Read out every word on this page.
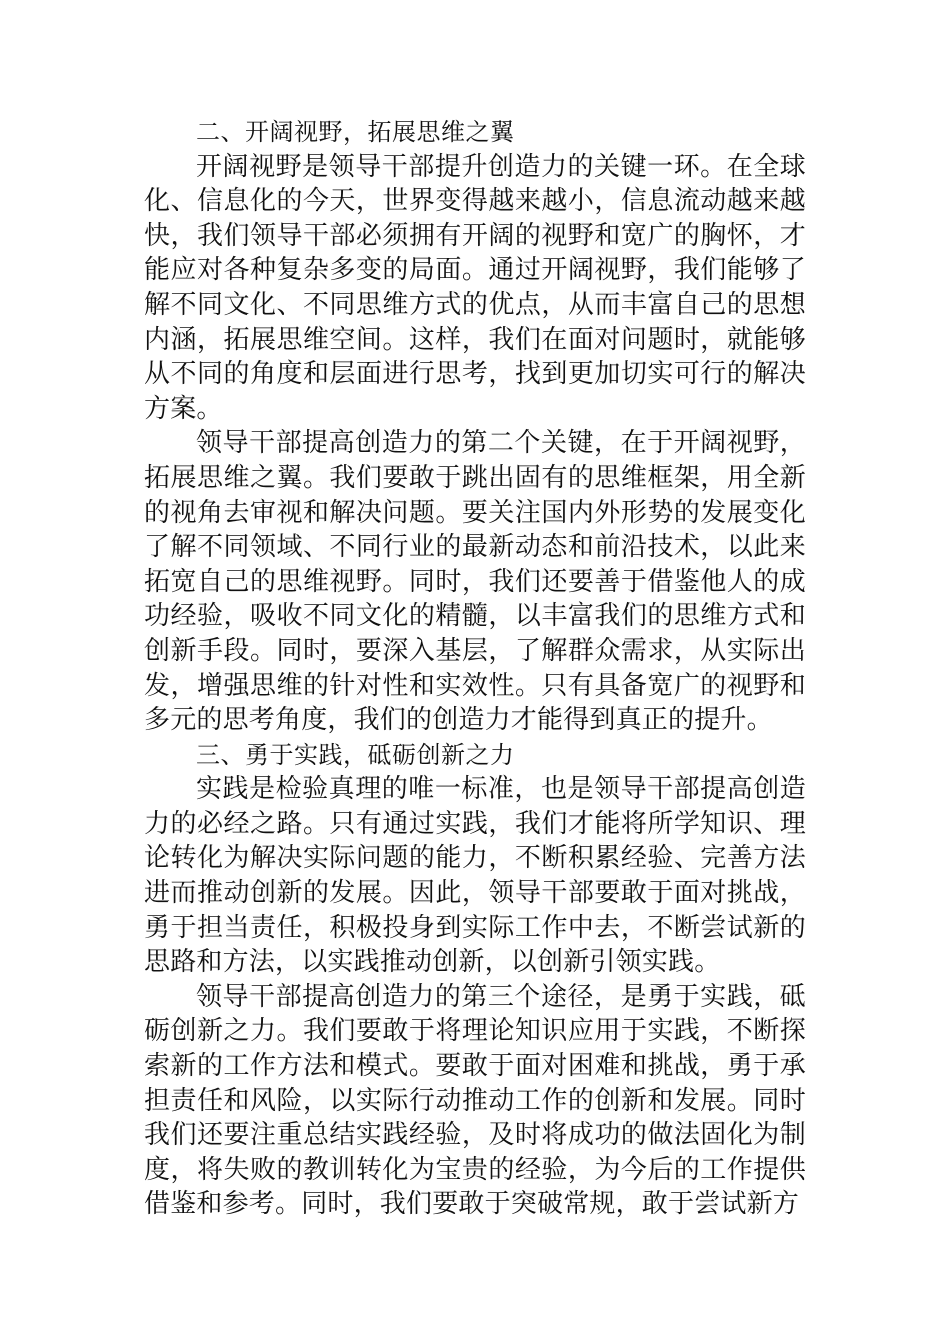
二、开阔视野，拓展思维之翼

开阔视野是领导干部提升创造力的关键一环。在全球化、信息化的今天，世界变得越来越小，信息流动越来越快，我们领导干部必须拥有开阔的视野和宽广的胸怀，才能应对各种复杂多变的局面。通过开阔视野，我们能够了解不同文化、不同思维方式的优点，从而丰富自己的思想内涵，拓展思维空间。这样，我们在面对问题时，就能够从不同的角度和层面进行思考，找到更加切实可行的解决方案。

领导干部提高创造力的第二个关键，在于开阔视野，拓展思维之翼。我们要敢于跳出固有的思维框架，用全新的视角去审视和解决问题。要关注国内外形势的发展变化了解不同领域、不同行业的最新动态和前沿技术，以此来拓宽自己的思维视野。同时，我们还要善于借鉴他人的成功经验，吸收不同文化的精髓，以丰富我们的思维方式和创新手段。同时，要深入基层，了解群众需求，从实际出发，增强思维的针对性和实效性。只有具备宽广的视野和多元的思考角度，我们的创造力才能得到真正的提升。

三、勇于实践，砥砺创新之力

实践是检验真理的唯一标准，也是领导干部提高创造力的必经之路。只有通过实践，我们才能将所学知识、理论转化为解决实际问题的能力，不断积累经验、完善方法进而推动创新的发展。因此，领导干部要敢于面对挑战，勇于担当责任，积极投身到实际工作中去，不断尝试新的思路和方法，以实践推动创新，以创新引领实践。

领导干部提高创造力的第三个途径，是勇于实践，砥砺创新之力。我们要敢于将理论知识应用于实践，不断探索新的工作方法和模式。要敢于面对困难和挑战，勇于承担责任和风险，以实际行动推动工作的创新和发展。同时我们还要注重总结实践经验，及时将成功的做法固化为制度，将失败的教训转化为宝贵的经验，为今后的工作提供借鉴和参考。同时，我们要敢于突破常规，敢于尝试新方
